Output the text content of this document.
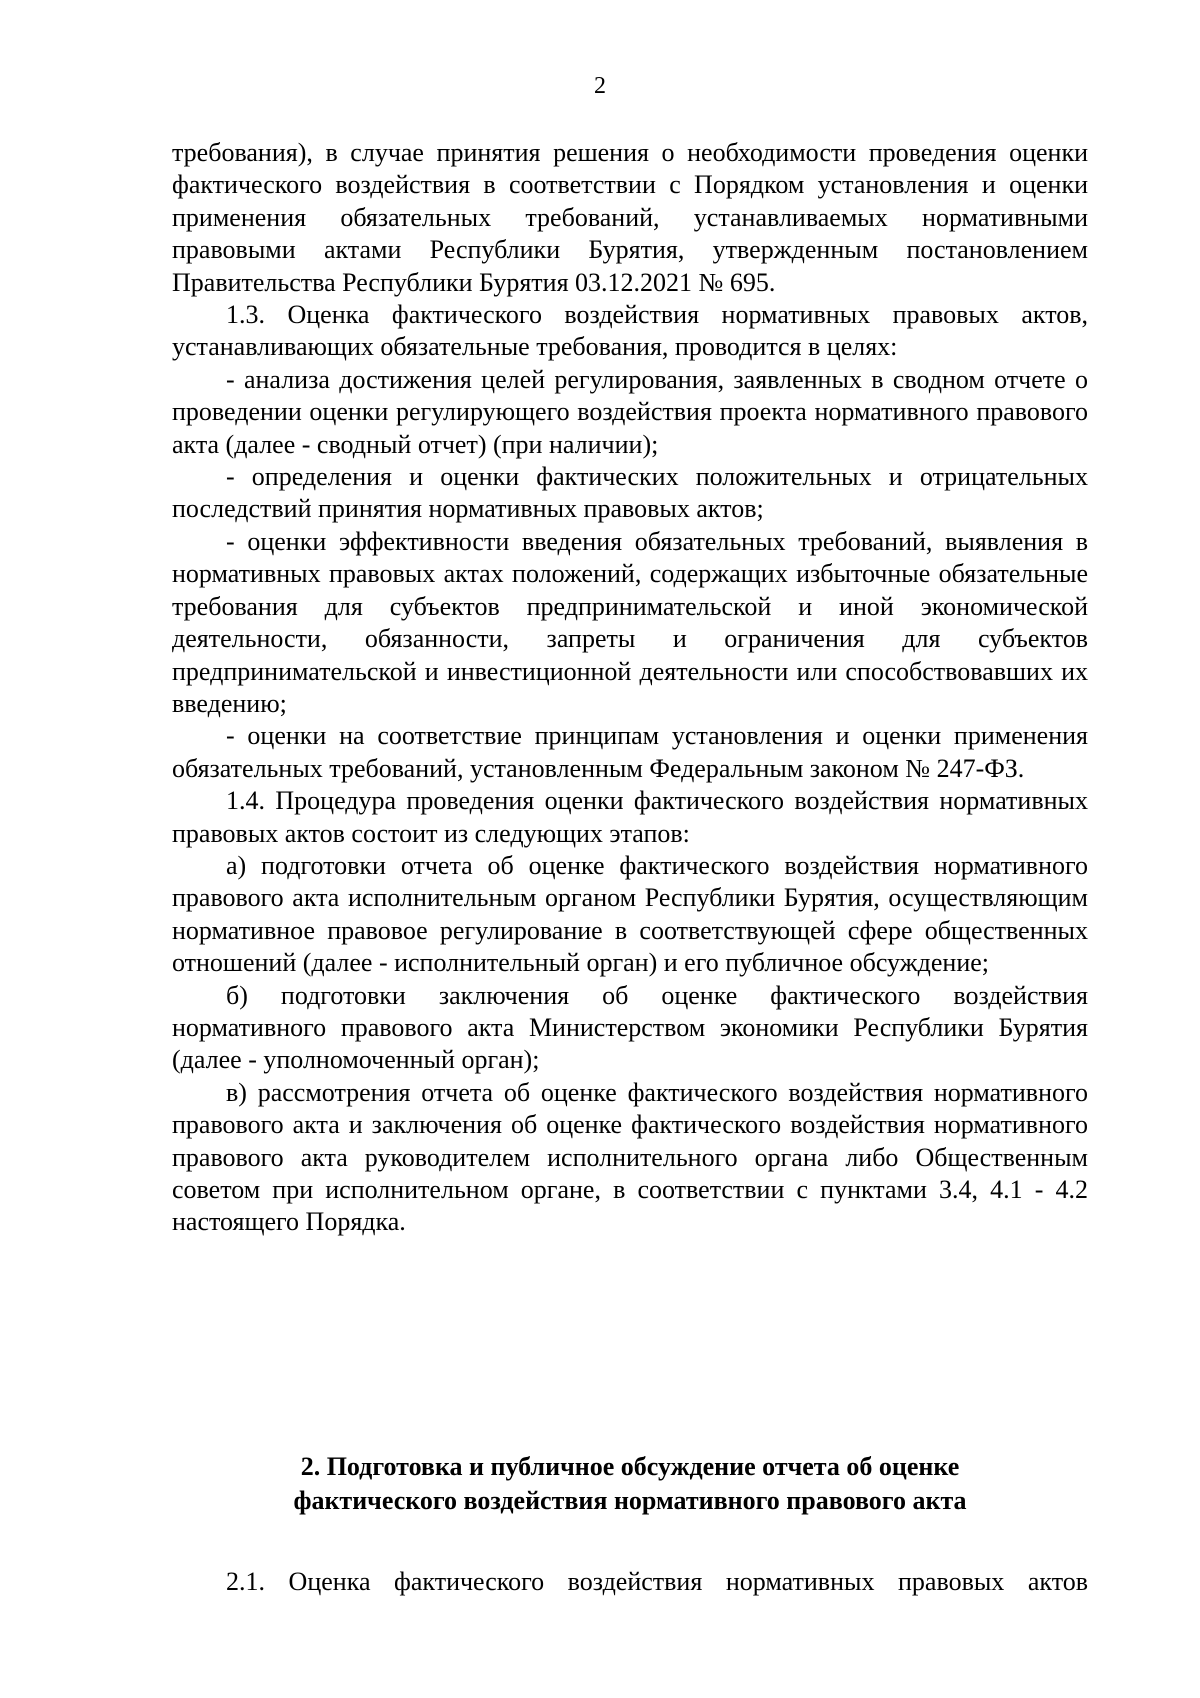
2

требования), в случае принятия решения о необходимости проведения оценки фактического воздействия в соответствии с Порядком установления и оценки применения обязательных требований, устанавливаемых нормативными правовыми актами Республики Бурятия, утвержденным постановлением Правительства Республики Бурятия 03.12.2021 № 695.

1.3. Оценка фактического воздействия нормативных правовых актов, устанавливающих обязательные требования, проводится в целях:

- анализа достижения целей регулирования, заявленных в сводном отчете о проведении оценки регулирующего воздействия проекта нормативного правового акта (далее - сводный отчет) (при наличии);

- определения и оценки фактических положительных и отрицательных последствий принятия нормативных правовых актов;

- оценки эффективности введения обязательных требований, выявления в нормативных правовых актах положений, содержащих избыточные обязательные требования для субъектов предпринимательской и иной экономической деятельности, обязанности, запреты и ограничения для субъектов предпринимательской и инвестиционной деятельности или способствовавших их введению;

- оценки на соответствие принципам установления и оценки применения обязательных требований, установленным Федеральным законом № 247-ФЗ.

1.4. Процедура проведения оценки фактического воздействия нормативных правовых актов состоит из следующих этапов:

а) подготовки отчета об оценке фактического воздействия нормативного правового акта исполнительным органом Республики Бурятия, осуществляющим нормативное правовое регулирование в соответствующей сфере общественных отношений (далее - исполнительный орган) и его публичное обсуждение;

б) подготовки заключения об оценке фактического воздействия нормативного правового акта Министерством экономики Республики Бурятия (далее - уполномоченный орган);

в) рассмотрения отчета об оценке фактического воздействия нормативного правового акта и заключения об оценке фактического воздействия нормативного правового акта руководителем исполнительного органа либо Общественным советом при исполнительном органе, в соответствии с пунктами 3.4, 4.1 - 4.2 настоящего Порядка.

2. Подготовка и публичное обсуждение отчета об оценке
фактического воздействия нормативного правового акта

2.1. Оценка фактического воздействия нормативных правовых актов
